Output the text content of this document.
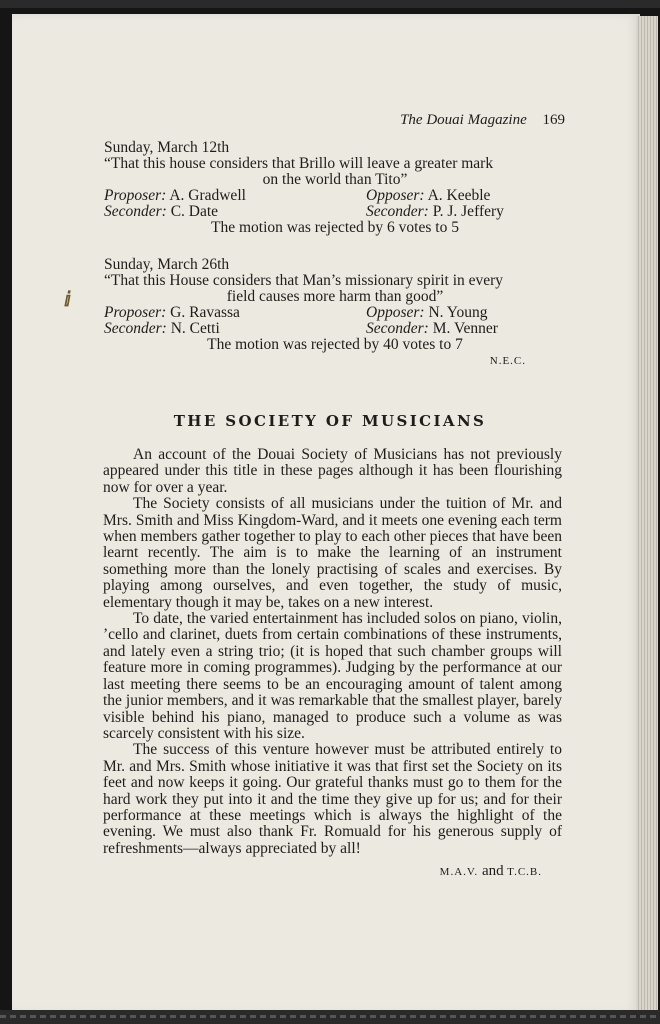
ⅈ
The Douai Magazine 169
Sunday, March 12th
“That this house considers that Brillo will leave a greater mark
on the world than Tito”
Proposer: A. Gradwell	Opposer: A. Keeble
Seconder: C. Date	Seconder: P. J. Jeffery
The motion was rejected by 6 votes to 5
Sunday, March 26th
“That this House considers that Man’s missionary spirit in every
field causes more harm than good”
Proposer: G. Ravassa	Opposer: N. Young
Seconder: N. Cetti	Seconder: M. Venner
The motion was rejected by 40 votes to 7
N.E.C.
THE SOCIETY OF MUSICIANS

An account of the Douai Society of Musicians has not previously appeared under this title in these pages although it has been flourishing now for over a year.

The Society consists of all musicians under the tuition of Mr. and Mrs. Smith and Miss Kingdom-Ward, and it meets one evening each term when members gather together to play to each other pieces that have been learnt recently. The aim is to make the learning of an instrument something more than the lonely practising of scales and exercises. By playing among ourselves, and even together, the study of music, elementary though it may be, takes on a new interest.

To date, the varied entertainment has included solos on piano, violin, ’cello and clarinet, duets from certain combinations of these instruments, and lately even a string trio; (it is hoped that such chamber groups will feature more in coming programmes). Judging by the performance at our last meeting there seems to be an encouraging amount of talent among the junior members, and it was remarkable that the smallest player, barely visible behind his piano, managed to produce such a volume as was scarcely consistent with his size.

The success of this venture however must be attributed entirely to Mr. and Mrs. Smith whose initiative it was that first set the Society on its feet and now keeps it going. Our grateful thanks must go to them for the hard work they put into it and the time they give up for us; and for their performance at these meetings which is always the highlight of the evening. We must also thank Fr. Romuald for his generous supply of refreshments—always appreciated by all!

M.A.V. and T.C.B.
